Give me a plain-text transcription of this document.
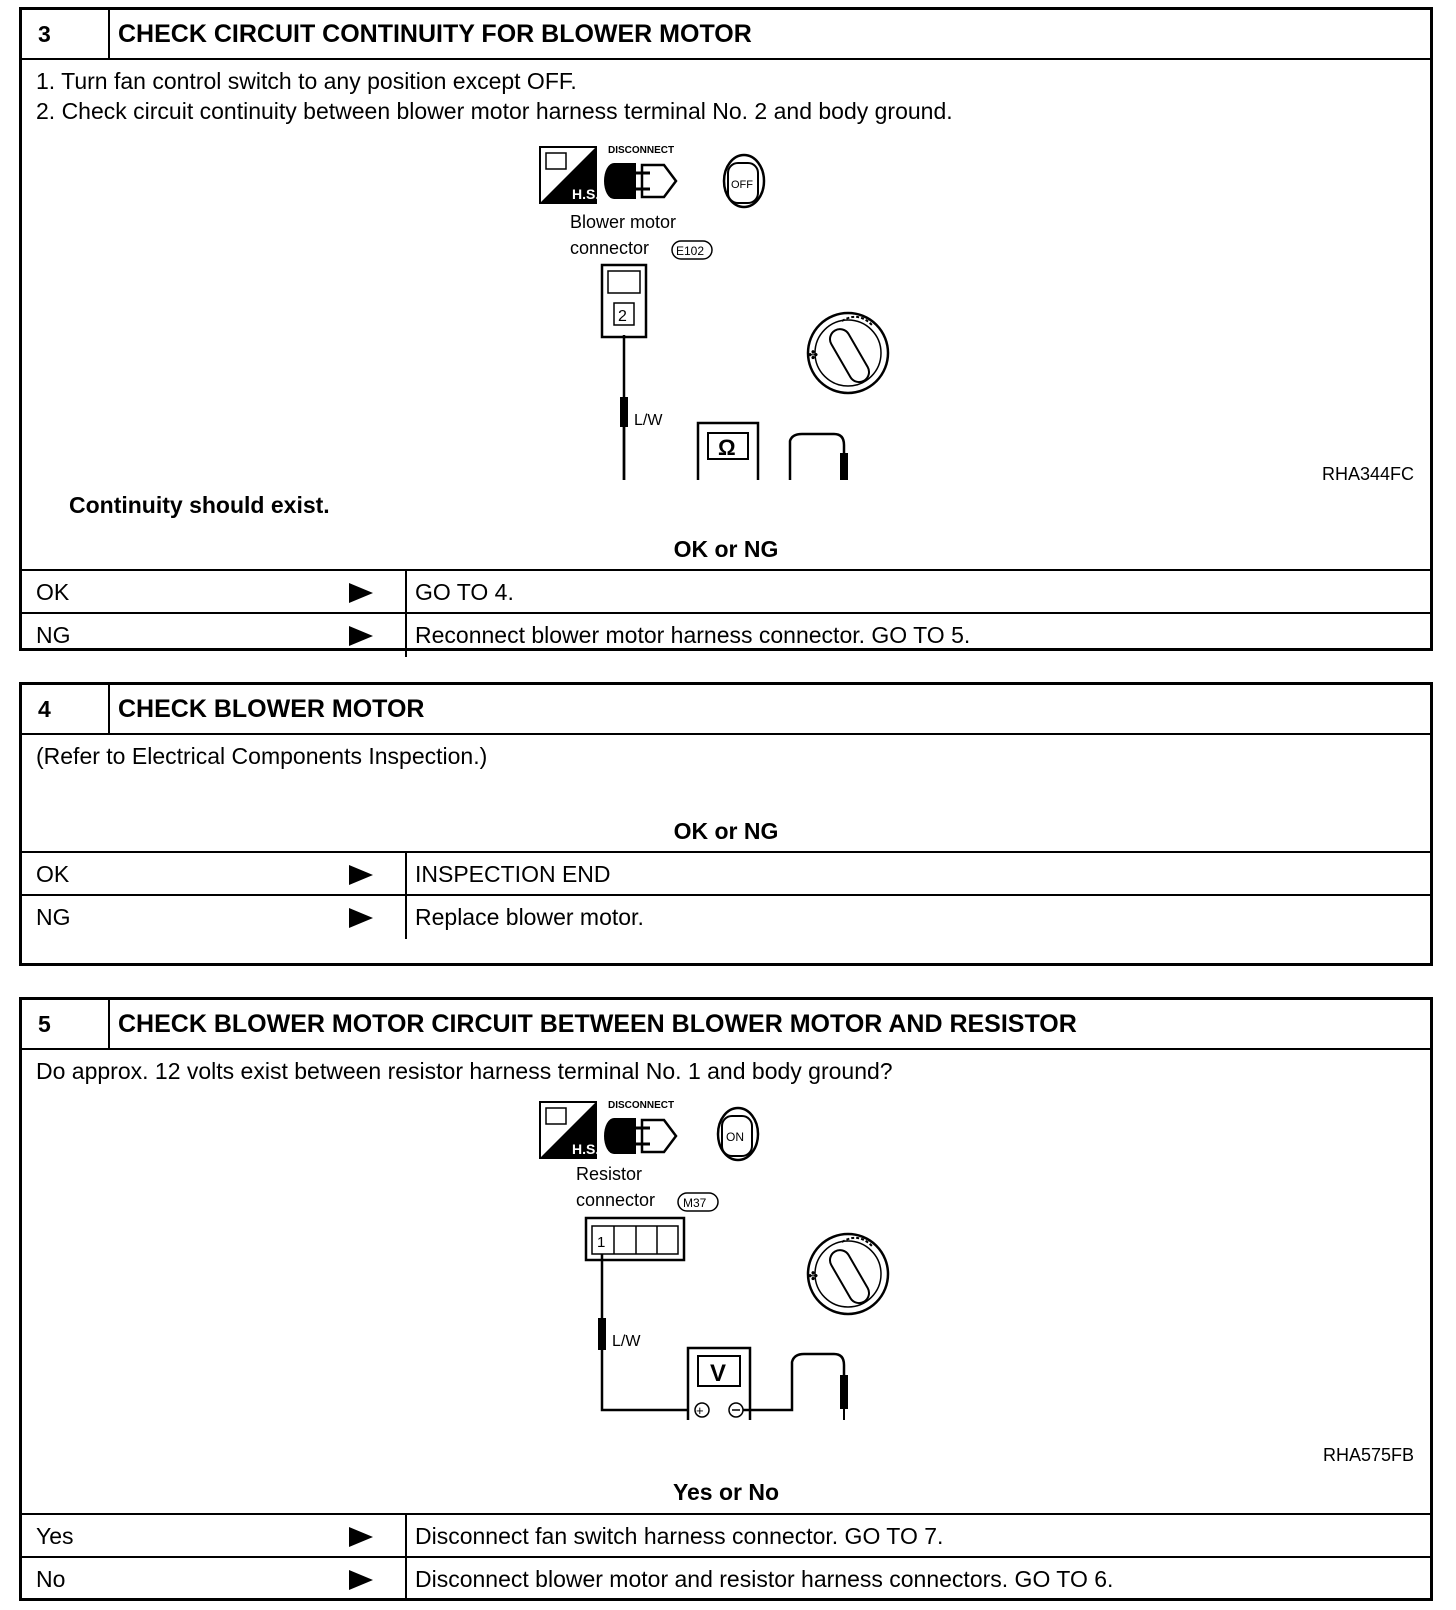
3	CHECK CIRCUIT CONTINUITY FOR BLOWER MOTOR
1. Turn fan control switch to any position except OFF.
2. Check circuit continuity between blower motor harness terminal No. 2 and body ground.
H.S.
DISCONNECT
OFF
Blower motor
connector E102
2
L/W
Ω
✤
RHA344FC
Continuity should exist.
OK or NG
OK	GO TO 4.
NG	Reconnect blower motor harness connector. GO TO 5.
4	CHECK BLOWER MOTOR
(Refer to Electrical Components Inspection.)
OK or NG
OK	INSPECTION END
NG	Replace blower motor.
5	CHECK BLOWER MOTOR CIRCUIT BETWEEN BLOWER MOTOR AND RESISTOR
Do approx. 12 volts exist between resistor harness terminal No. 1 and body ground?
H.S.
DISCONNECT
ON
Resistor
connector M37
1
L/W
V
+
✤
RHA575FB
Yes or No
Yes	Disconnect fan switch harness connector. GO TO 7.
No	Disconnect blower motor and resistor harness connectors. GO TO 6.
